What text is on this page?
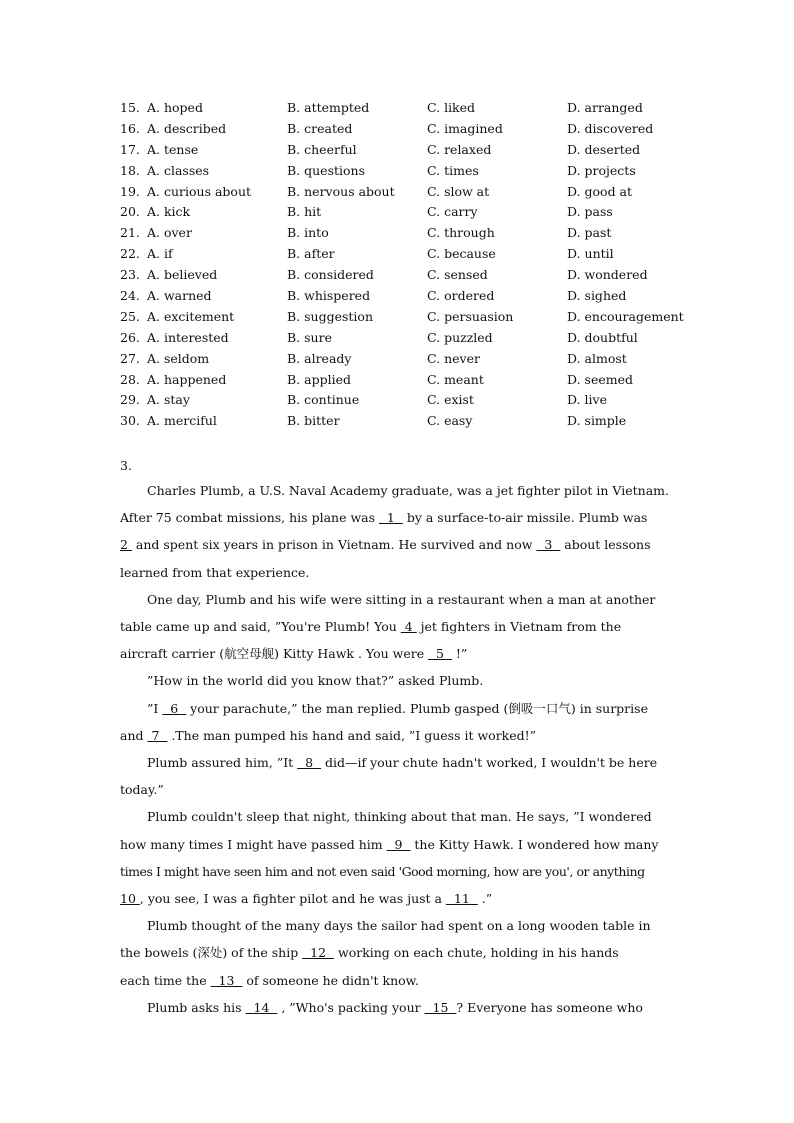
15. A. hoped	B. attempted	C. liked	D. arranged
16. A. described	B. created	C. imagined	D. discovered
17. A. tense	B. cheerful	C. relaxed	D. deserted
18. A. classes	B. questions	C. times	D. projects
19. A. curious about	B. nervous about	C. slow at	D. good at
20. A. kick	B. hit	C. carry	D. pass
21. A. over	B. into	C. through	D. past
22. A. if	B. after	C. because	D. until
23. A. believed	B. considered	C. sensed	D. wondered
24. A. warned	B. whispered	C. ordered	D. sighed
25. A. excitement	B. suggestion	C. persuasion	D. encouragement
26. A. interested	B. sure	C. puzzled	D. doubtful
27. A. seldom	B. already	C. never	D. almost
28. A. happened	B. applied	C. meant	D. seemed
29. A. stay	B. continue	C. exist	D. live
30. A. merciful	B. bitter	C. easy	D. simple
3.

Charles Plumb, a U.S. Naval Academy graduate, was a jet fighter pilot in Vietnam.
After 75 combat missions, his plane was   1   by a surface-to-air missile. Plumb was
2  and spent six years in prison in Vietnam. He survived and now   3   about lessons
learned from that experience.

One day, Plumb and his wife were sitting in a restaurant when a man at another
table came up and said, ”You're Plumb! You  4  jet fighters in Vietnam from the
aircraft carrier (航空母舰) Kitty Hawk . You were   5   !”

”How in the world did you know that?” asked Plumb.

”I   6   your parachute,” the man replied. Plumb gasped (倒吸一口气) in surprise
and  7   .The man pumped his hand and said, ”I guess it worked!”

Plumb assured him, ”It   8   did—if your chute hadn't worked, I wouldn't be here
today.”

Plumb couldn't sleep that night, thinking about that man. He says, ”I wondered
how many times I might have passed him   9   the Kitty Hawk. I wondered how many
times I might have seen him and not even said 'Good morning, how are you', or anything
10 , you see, I was a fighter pilot and he was just a   11   .”

Plumb thought of the many days the sailor had spent on a long wooden table in
the bowels (深处) of the ship   12   working on each chute, holding in his hands
each time the   13   of someone he didn't know.

Plumb asks his   14   , ”Who's packing your   15  ? Everyone has someone who
